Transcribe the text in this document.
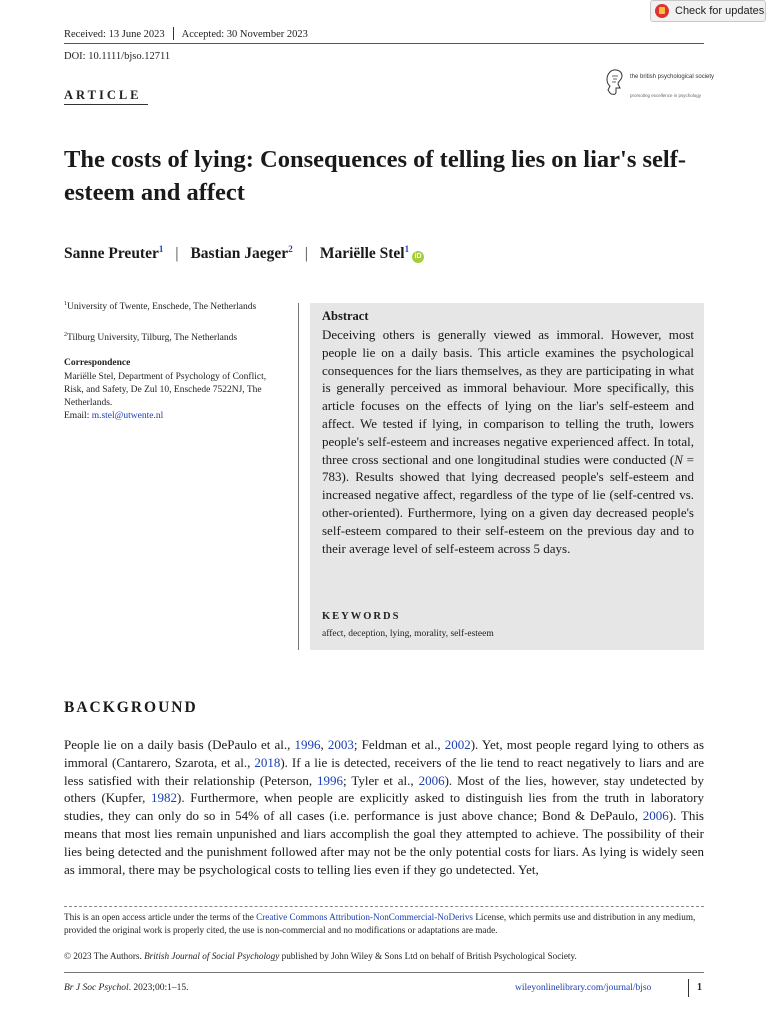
Received: 13 June 2023 Accepted: 30 November 2023
DOI: 10.1111/bjso.12711
Check for updates
the british psychological society
promoting excellence in psychology
ARTICLE
The costs of lying: Consequences of telling lies on liar's self-esteem and affect
Sanne Preuter$^1$ | Bastian Jaeger$^2$ | Mariëlle Stel$^1$iD
$^1$University of Twente, Enschede, The Netherlands
$^2$Tilburg University, Tilburg, The Netherlands
Correspondence
Mariëlle Stel, Department of Psychology of Conflict, Risk, and Safety, De Zul 10, Enschede 7522NJ, The Netherlands.
Email: m.stel@utwente.nl
Abstract
Deceiving others is generally viewed as immoral. However, most people lie on a daily basis. This article examines the psychological consequences for the liars themselves, as they are participating in what is generally perceived as immoral behaviour. More specifically, this article focuses on the effects of lying on the liar's self-esteem and affect. We tested if lying, in comparison to telling the truth, lowers people's self-esteem and increases negative experienced affect. In total, three cross sectional and one longitudinal studies were conducted (N = 783). Results showed that lying decreased people's self-esteem and increased negative affect, regardless of the type of lie (self-centred vs. other-oriented). Furthermore, lying on a given day decreased people's self-esteem compared to their self-esteem on the previous day and to their average level of self-esteem across 5 days.
KEYWORDS
affect, deception, lying, morality, self-esteem
BACKGROUND
People lie on a daily basis (DePaulo et al., 1996, 2003; Feldman et al., 2002). Yet, most people regard lying to others as immoral (Cantarero, Szarota, et al., 2018). If a lie is detected, receivers of the lie tend to react negatively to liars and are less satisfied with their relationship (Peterson, 1996; Tyler et al., 2006). Most of the lies, however, stay undetected by others (Kupfer, 1982). Furthermore, when people are explicitly asked to distinguish lies from the truth in laboratory studies, they can only do so in 54% of all cases (i.e. performance is just above chance; Bond & DePaulo, 2006). This means that most lies remain unpunished and liars accomplish the goal they attempted to achieve. The possibility of their lies being detected and the punishment followed after may not be the only potential costs for liars. As lying is widely seen as immoral, there may be psychological costs to telling lies even if they go undetected. Yet,
This is an open access article under the terms of the Creative Commons Attribution-NonCommercial-NoDerivs License, which permits use and distribution in any medium, provided the original work is properly cited, the use is non-commercial and no modifications or adaptations are made.
© 2023 The Authors. British Journal of Social Psychology published by John Wiley & Sons Ltd on behalf of British Psychological Society.
Br J Soc Psychol. 2023;00:1–15.	wileyonlinelibrary.com/journal/bjso	1
